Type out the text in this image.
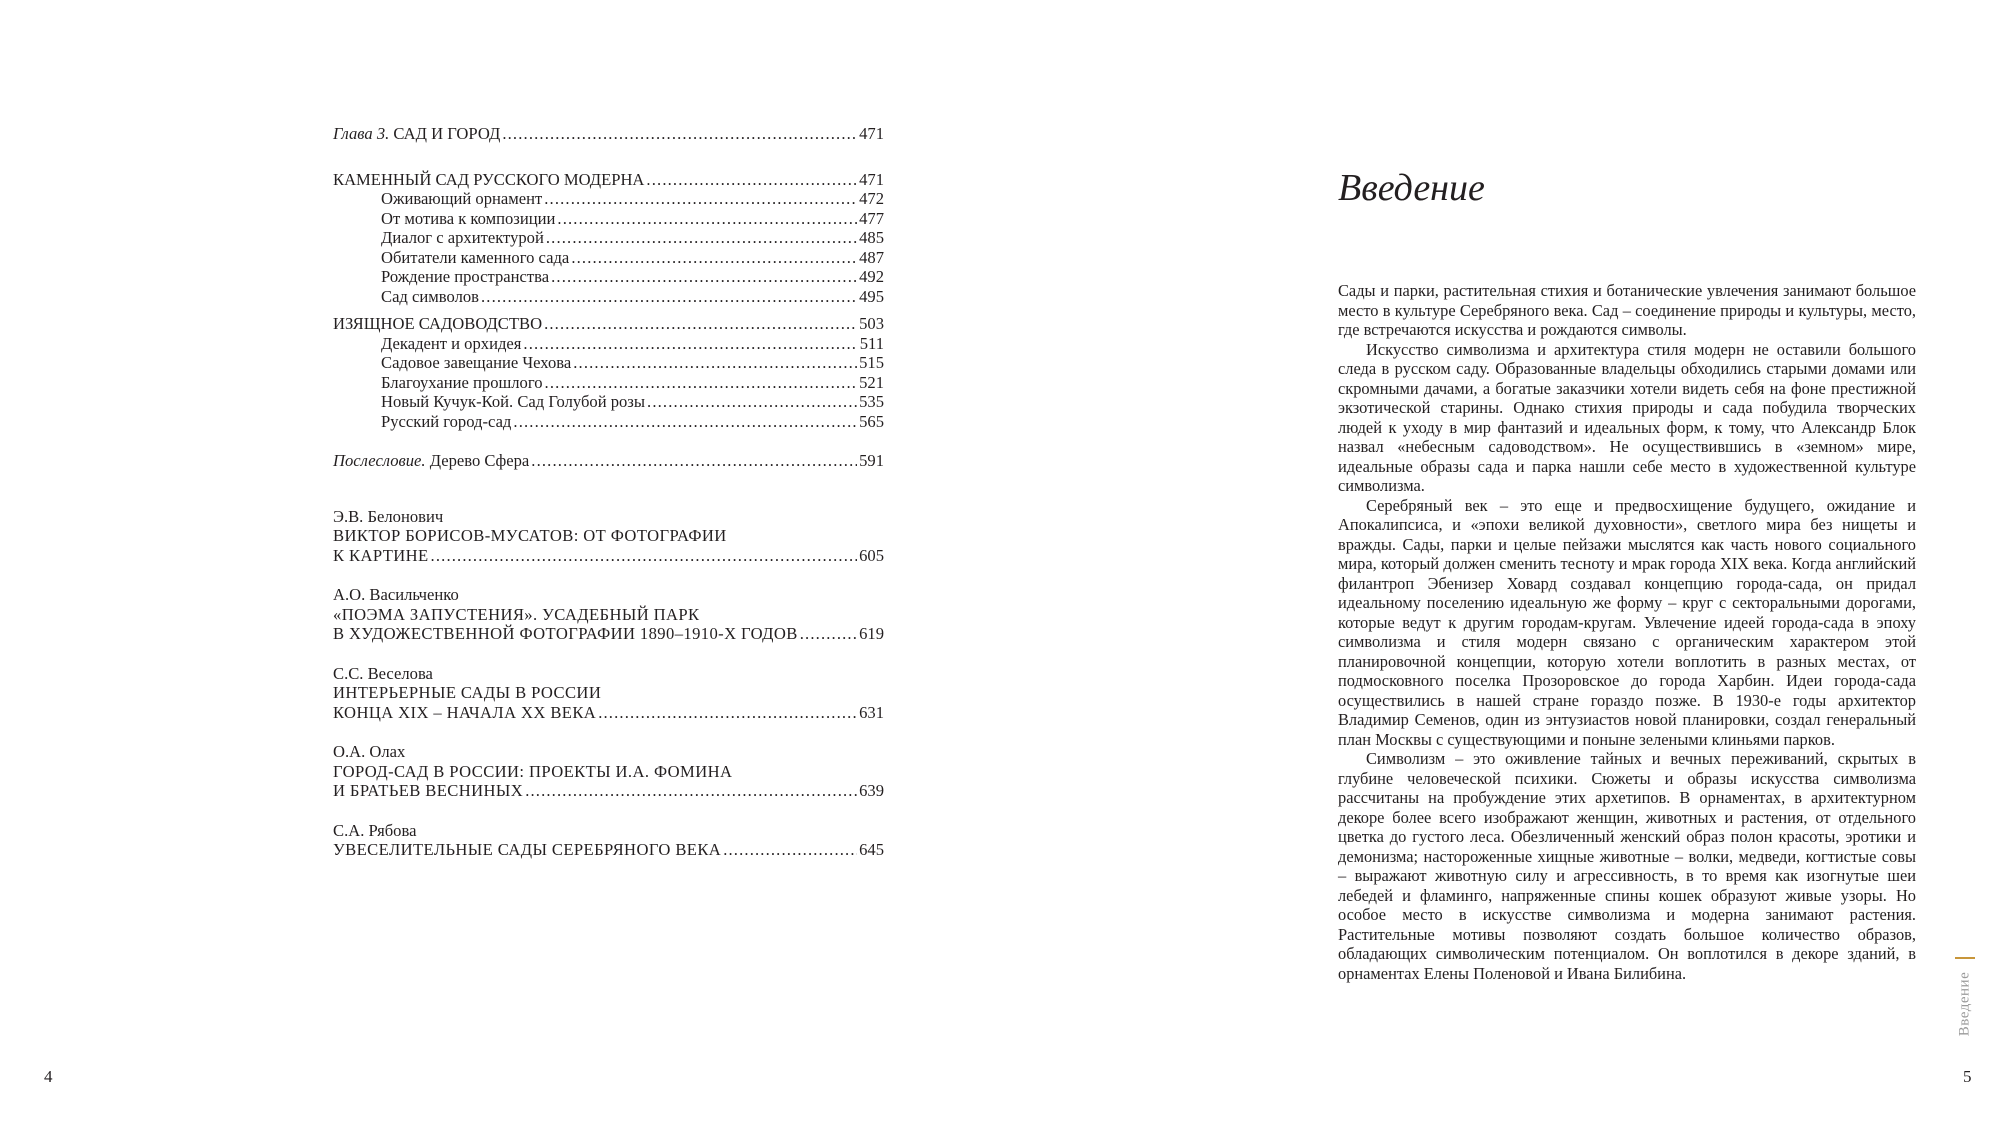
Глава 3. САД И ГОРОД . . .	471
КАМЕННЫЙ САД РУССКОГО МОДЕРНА . . .	471
Оживающий орнамент . . .	472
От мотива к композиции . . .	477
Диалог с архитектурой . . .	485
Обитатели каменного сада . . .	487
Рождение пространства . . .	492
Сад символов . . .	495
ИЗЯЩНОЕ САДОВОДСТВО . . .	503
Декадент и орхидея . . .	511
Садовое завещание Чехова . . .	515
Благоухание прошлого . . .	521
Новый Кучук-Кой. Сад Голубой розы . . .	535
Русский город-сад . . .	565
Послесловие. Дерево Сфера . . .	591
Э.В. Белонович
ВИКТОР БОРИСОВ-МУСАТОВ: ОТ ФОТОГРАФИИ
К КАРТИНЕ . . .	605
А.О. Васильченко
«ПОЭМА ЗАПУСТЕНИЯ». УСАДЕБНЫЙ ПАРК
В ХУДОЖЕСТВЕННОЙ ФОТОГРАФИИ 1890–1910-Х ГОДОВ . . .	619
С.С. Веселова
ИНТЕРЬЕРНЫЕ САДЫ В РОССИИ
КОНЦА XIX – НАЧАЛА XX ВЕКА . . .	631
О.А. Олах
ГОРОД-САД В РОССИИ: ПРОЕКТЫ И.А. ФОМИНА
И БРАТЬЕВ ВЕСНИНЫХ . . .	639
С.А. Рябова
УВЕСЕЛИТЕЛЬНЫЕ САДЫ СЕРЕБРЯНОГО ВЕКА . . .	645
4
Введение

Сады и парки, растительная стихия и ботанические увлечения занимают большое место в культуре Серебряного века. Сад – соединение природы и культуры, место, где встречаются искусства и рождаются символы.

Искусство символизма и архитектура стиля модерн не оставили большого следа в русском саду. Образованные владельцы обходились старыми домами или скромными дачами, а богатые заказчики хотели видеть себя на фоне престижной экзотической старины. Однако стихия природы и сада побудила творческих людей к уходу в мир фантазий и идеальных форм, к тому, что Александр Блок назвал «небесным садоводством». Не осуществившись в «земном» мире, идеальные образы сада и парка нашли себе место в художественной культуре символизма.

Серебряный век – это еще и предвосхищение будущего, ожидание и Апокалипсиса, и «эпохи великой духовности», светлого мира без нищеты и вражды. Сады, парки и целые пейзажи мыслятся как часть нового социального мира, который должен сменить тесноту и мрак города XIX века. Когда английский филантроп Эбенизер Ховард создавал концепцию города-сада, он придал идеальному поселению идеальную же форму – круг с секторальными дорогами, которые ведут к другим городам-кругам. Увлечение идеей города-сада в эпоху символизма и стиля модерн связано с органическим характером этой планировочной концепции, которую хотели воплотить в разных местах, от подмосковного поселка Прозоровское до города Харбин. Идеи города-сада осуществились в нашей стране гораздо позже. В 1930-е годы архитектор Владимир Семенов, один из энтузиастов новой планировки, создал генеральный план Москвы с существующими и поныне зелеными клиньями парков.

Символизм – это оживление тайных и вечных переживаний, скрытых в глубине человеческой психики. Сюжеты и образы искусства символизма рассчитаны на пробуждение этих архетипов. В орнаментах, в архитектурном декоре более всего изображают женщин, животных и растения, от отдельного цветка до густого леса. Обезличенный женский образ полон красоты, эротики и демонизма; настороженные хищные животные – волки, медведи, когтистые совы – выражают животную силу и агрессивность, в то время как изогнутые шеи лебедей и фламинго, напряженные спины кошек образуют живые узоры. Но особое место в искусстве символизма и модерна занимают растения. Растительные мотивы позволяют создать большое количество образов, обладающих символическим потенциалом. Он воплотился в декоре зданий, в орнаментах Елены Поленовой и Ивана Билибина.	Введение
5
